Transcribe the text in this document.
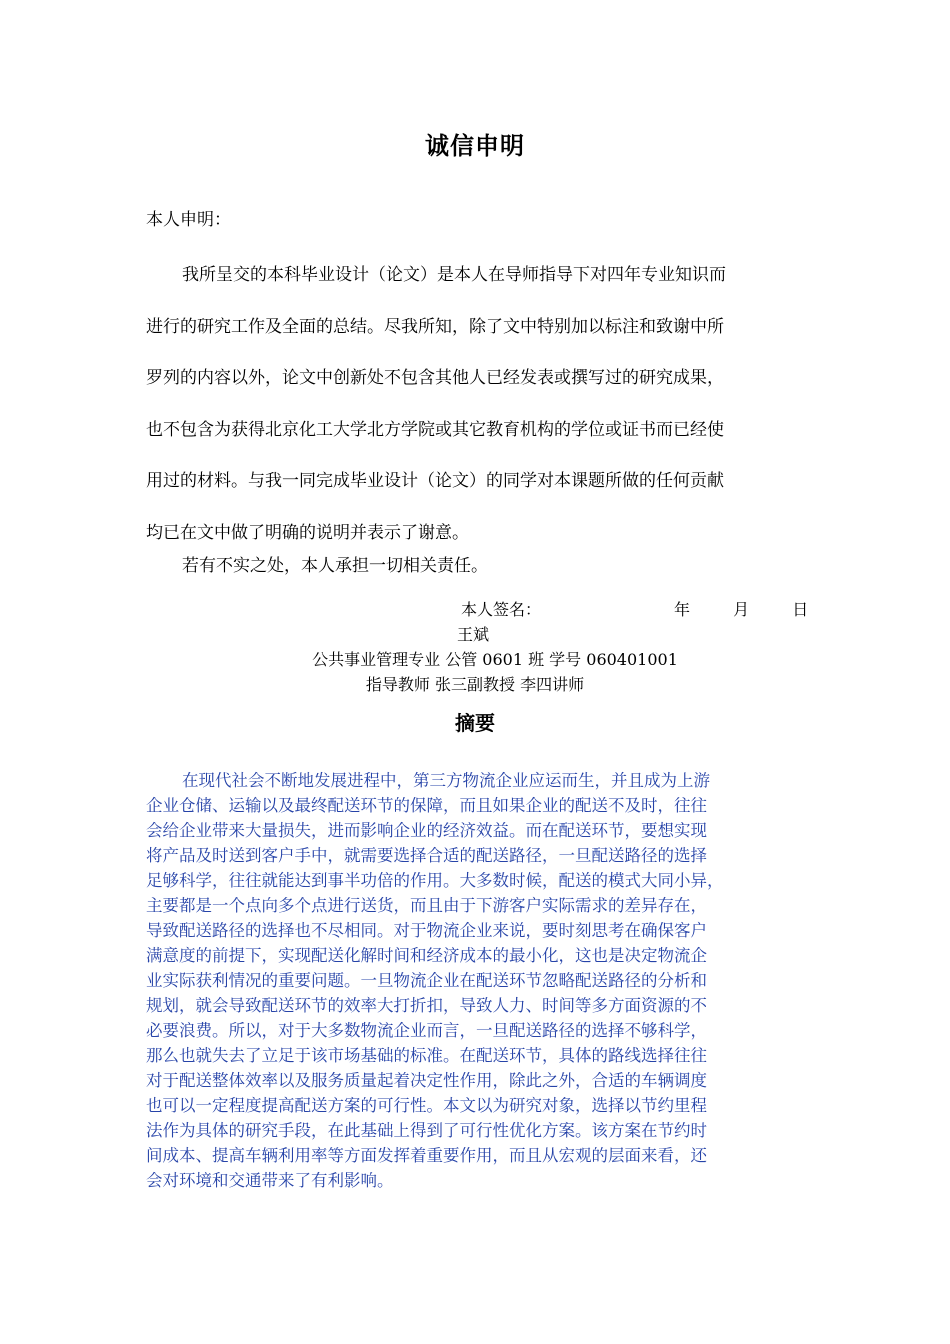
诚信申明
本人申明：

我所呈交的本科毕业设计（论文）是本人在导师指导下对四年专业知识而
进行的研究工作及全面的总结。尽我所知，除了文中特别加以标注和致谢中所
罗列的内容以外，论文中创新处不包含其他人已经发表或撰写过的研究成果，
也不包含为获得北京化工大学北方学院或其它教育机构的学位或证书而已经使
用过的材料。与我一同完成毕业设计（论文）的同学对本课题所做的任何贡献
均已在文中做了明确的说明并表示了谢意。

若有不实之处，本人承担一切相关责任。
本人签名：	年	月	日
王斌
公共事业管理专业 公管 0601 班 学号 060401001
指导教师 张三副教授 李四讲师
摘要
在现代社会不断地发展进程中，第三方物流企业应运而生，并且成为上游
企业仓储、运输以及最终配送环节的保障，而且如果企业的配送不及时，往往
会给企业带来大量损失，进而影响企业的经济效益。而在配送环节，要想实现
将产品及时送到客户手中，就需要选择合适的配送路径，一旦配送路径的选择
足够科学，往往就能达到事半功倍的作用。大多数时候，配送的模式大同小异，
主要都是一个点向多个点进行送货，而且由于下游客户实际需求的差异存在，
导致配送路径的选择也不尽相同。对于物流企业来说，要时刻思考在确保客户
满意度的前提下，实现配送化解时间和经济成本的最小化，这也是决定物流企
业实际获利情况的重要问题。一旦物流企业在配送环节忽略配送路径的分析和
规划，就会导致配送环节的效率大打折扣，导致人力、时间等多方面资源的不
必要浪费。所以，对于大多数物流企业而言，一旦配送路径的选择不够科学，
那么也就失去了立足于该市场基础的标准。在配送环节，具体的路线选择往往
对于配送整体效率以及服务质量起着决定性作用，除此之外，合适的车辆调度
也可以一定程度提高配送方案的可行性。本文以为研究对象，选择以节约里程
法作为具体的研究手段，在此基础上得到了可行性优化方案。该方案在节约时
间成本、提高车辆利用率等方面发挥着重要作用，而且从宏观的层面来看，还
会对环境和交通带来了有利影响。
